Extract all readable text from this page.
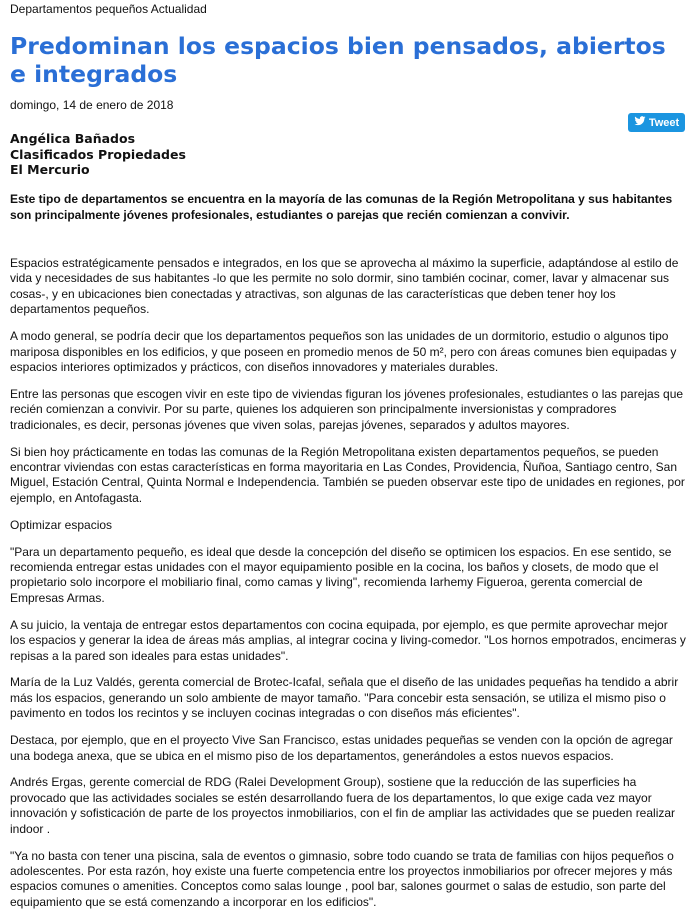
Departamentos pequeños Actualidad
Predominan los espacios bien pensados, abiertos e integrados
domingo, 14 de enero de 2018
Angélica Bañados
Clasificados Propiedades
El Mercurio
Tweet

Este tipo de departamentos se encuentra en la mayoría de las comunas de la Región Metropolitana y sus habitantes son principalmente jóvenes profesionales, estudiantes o parejas que recién comienzan a convivir.

Espacios estratégicamente pensados e integrados, en los que se aprovecha al máximo la superficie, adaptándose al estilo de vida y necesidades de sus habitantes -lo que les permite no solo dormir, sino también cocinar, comer, lavar y almacenar sus cosas-, y en ubicaciones bien conectadas y atractivas, son algunas de las características que deben tener hoy los departamentos pequeños.

A modo general, se podría decir que los departamentos pequeños son las unidades de un dormitorio, estudio o algunos tipo mariposa disponibles en los edificios, y que poseen en promedio menos de 50 m², pero con áreas comunes bien equipadas y espacios interiores optimizados y prácticos, con diseños innovadores y materiales durables.

Entre las personas que escogen vivir en este tipo de viviendas figuran los jóvenes profesionales, estudiantes o las parejas que recién comienzan a convivir. Por su parte, quienes los adquieren son principalmente inversionistas y compradores tradicionales, es decir, personas jóvenes que viven solas, parejas jóvenes, separados y adultos mayores.

Si bien hoy prácticamente en todas las comunas de la Región Metropolitana existen departamentos pequeños, se pueden encontrar viviendas con estas características en forma mayoritaria en Las Condes, Providencia, Ñuñoa, Santiago centro, San Miguel, Estación Central, Quinta Normal e Independencia. También se pueden observar este tipo de unidades en regiones, por ejemplo, en Antofagasta.

Optimizar espacios

"Para un departamento pequeño, es ideal que desde la concepción del diseño se optimicen los espacios. En ese sentido, se recomienda entregar estas unidades con el mayor equipamiento posible en la cocina, los baños y closets, de modo que el propietario solo incorpore el mobiliario final, como camas y living", recomienda Iarhemy Figueroa, gerenta comercial de Empresas Armas.

A su juicio, la ventaja de entregar estos departamentos con cocina equipada, por ejemplo, es que permite aprovechar mejor los espacios y generar la idea de áreas más amplias, al integrar cocina y living-comedor. "Los hornos empotrados, encimeras y repisas a la pared son ideales para estas unidades".

María de la Luz Valdés, gerenta comercial de Brotec-Icafal, señala que el diseño de las unidades pequeñas ha tendido a abrir más los espacios, generando un solo ambiente de mayor tamaño. "Para concebir esta sensación, se utiliza el mismo piso o pavimento en todos los recintos y se incluyen cocinas integradas o con diseños más eficientes".

Destaca, por ejemplo, que en el proyecto Vive San Francisco, estas unidades pequeñas se venden con la opción de agregar una bodega anexa, que se ubica en el mismo piso de los departamentos, generándoles a estos nuevos espacios.

Andrés Ergas, gerente comercial de RDG (Ralei Development Group), sostiene que la reducción de las superficies ha provocado que las actividades sociales se estén desarrollando fuera de los departamentos, lo que exige cada vez mayor innovación y sofisticación de parte de los proyectos inmobiliarios, con el fin de ampliar las actividades que se pueden realizar indoor .

"Ya no basta con tener una piscina, sala de eventos o gimnasio, sobre todo cuando se trata de familias con hijos pequeños o adolescentes. Por esta razón, hoy existe una fuerte competencia entre los proyectos inmobiliarios por ofrecer mejores y más espacios comunes o amenities. Conceptos como salas lounge , pool bar, salones gourmet o salas de estudio, son parte del equipamiento que se está comenzando a incorporar en los edificios".
